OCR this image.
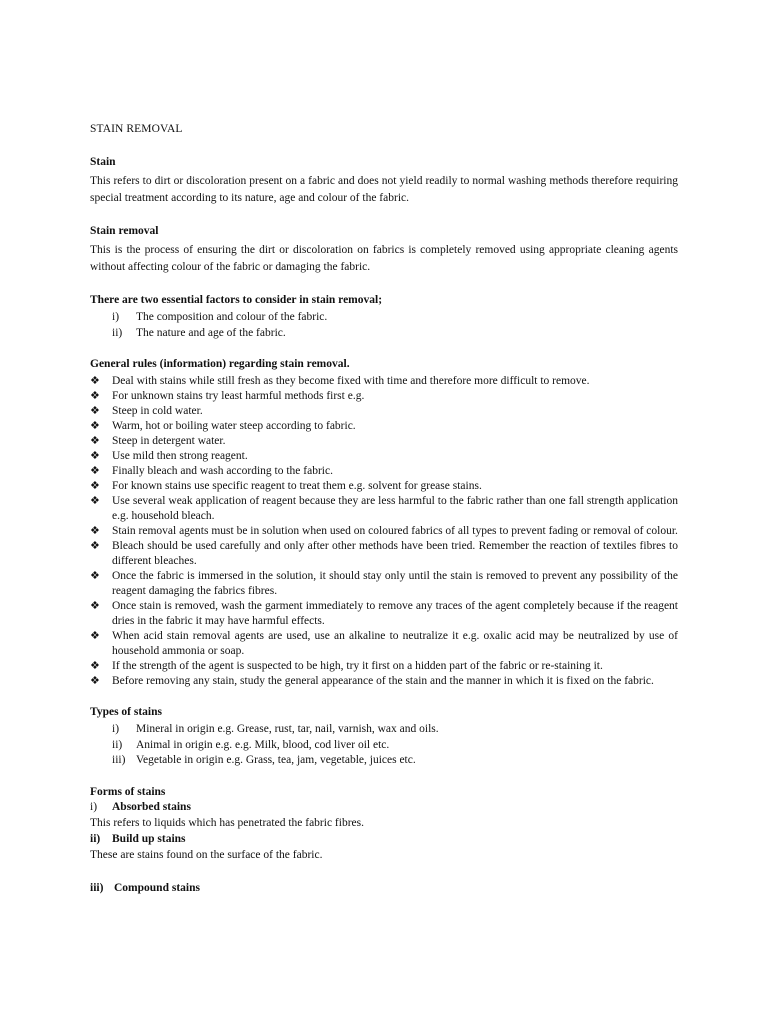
STAIN REMOVAL

Stain

This refers to dirt or discoloration present on a fabric and does not yield readily to normal washing methods therefore requiring special treatment according to its nature, age and colour of the fabric.

Stain removal

This is the process of ensuring the dirt or discoloration on fabrics is completely removed using appropriate cleaning agents without affecting colour of the fabric or damaging the fabric.

There are two essential factors to consider in stain removal;

i) The composition and colour of the fabric.
ii) The nature and age of the fabric.

General rules (information) regarding stain removal.

❖ Deal with stains while still fresh as they become fixed with time and therefore more difficult to remove.
❖ For unknown stains try least harmful methods first e.g.
❖ Steep in cold water.
❖ Warm, hot or boiling water steep according to fabric.
❖ Steep in detergent water.
❖ Use mild then strong reagent.
❖ Finally bleach and wash according to the fabric.
❖ For known stains use specific reagent to treat them e.g. solvent for grease stains.
❖ Use several weak application of reagent because they are less harmful to the fabric rather than one fall strength application e.g. household bleach.
❖ Stain removal agents must be in solution when used on coloured fabrics of all types to prevent fading or removal of colour.
❖ Bleach should be used carefully and only after other methods have been tried. Remember the reaction of textiles fibres to different bleaches.
❖ Once the fabric is immersed in the solution, it should stay only until the stain is removed to prevent any possibility of the reagent damaging the fabrics fibres.
❖ Once stain is removed, wash the garment immediately to remove any traces of the agent completely because if the reagent dries in the fabric it may have harmful effects.
❖ When acid stain removal agents are used, use an alkaline to neutralize it e.g. oxalic acid may be neutralized by use of household ammonia or soap.
❖ If the strength of the agent is suspected to be high, try it first on a hidden part of the fabric or re-staining it.
❖ Before removing any stain, study the general appearance of the stain and the manner in which it is fixed on the fabric.

Types of stains

i) Mineral in origin e.g. Grease, rust, tar, nail, varnish, wax and oils.
ii) Animal in origin e.g. e.g. Milk, blood, cod liver oil etc.
iii) Vegetable in origin e.g. Grass, tea, jam, vegetable, juices etc.

Forms of stains

i) Absorbed stains

This refers to liquids which has penetrated the fabric fibres.

ii) Build up stains

These are stains found on the surface of the fabric.

iii) Compound stains
